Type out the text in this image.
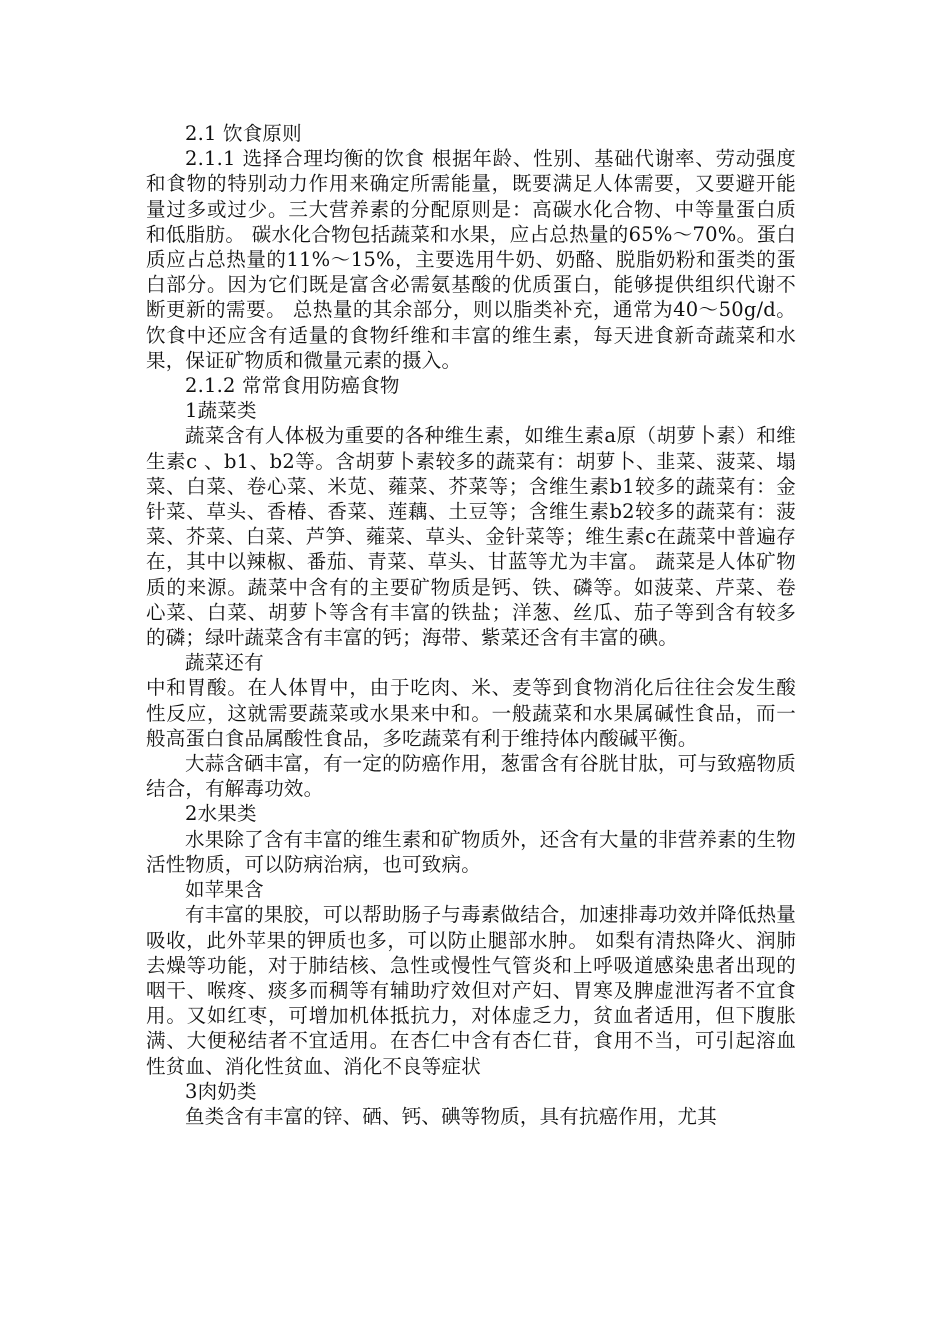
2.1 饮食原则

2.1.1 选择合理均衡的饮食 根据年龄、性别、基础代谢率、劳动强度和食物的特别动力作用来确定所需能量，既要满足人体需要，又要避开能量过多或过少。三大营养素的分配原则是：高碳水化合物、中等量蛋白质和低脂肪。 碳水化合物包括蔬菜和水果，应占总热量的65%～70%。蛋白质应占总热量的11%～15%，主要选用牛奶、奶酪、脱脂奶粉和蛋类的蛋白部分。因为它们既是富含必需氨基酸的优质蛋白，能够提供组织代谢不断更新的需要。 总热量的其余部分，则以脂类补充，通常为40～50g/d。饮食中还应含有适量的食物纤维和丰富的维生素，每天进食新奇蔬菜和水果，保证矿物质和微量元素的摄入。

2.1.2 常常食用防癌食物

1蔬菜类

蔬菜含有人体极为重要的各种维生素，如维生素a原（胡萝卜素）和维生素c 、b1、b2等。含胡萝卜素较多的蔬菜有：胡萝卜、韭菜、菠菜、塌菜、白菜、卷心菜、米苋、蕹菜、芥菜等；含维生素b1较多的蔬菜有：金针菜、草头、香椿、香菜、莲藕、土豆等；含维生素b2较多的蔬菜有：菠菜、芥菜、白菜、芦笋、蕹菜、草头、金针菜等；维生素c在蔬菜中普遍存在，其中以辣椒、番茄、青菜、草头、甘蓝等尤为丰富。 蔬菜是人体矿物质的来源。蔬菜中含有的主要矿物质是钙、铁、磷等。如菠菜、芹菜、卷心菜、白菜、胡萝卜等含有丰富的铁盐；洋葱、丝瓜、茄子等到含有较多的磷；绿叶蔬菜含有丰富的钙；海带、紫菜还含有丰富的碘。

蔬菜还有

中和胃酸。在人体胃中，由于吃肉、米、麦等到食物消化后往往会发生酸性反应，这就需要蔬菜或水果来中和。一般蔬菜和水果属碱性食品，而一般高蛋白食品属酸性食品，多吃蔬菜有利于维持体内酸碱平衡。

大蒜含硒丰富，有一定的防癌作用，葱雷含有谷胱甘肽，可与致癌物质结合，有解毒功效。

2水果类

水果除了含有丰富的维生素和矿物质外，还含有大量的非营养素的生物活性物质，可以防病治病，也可致病。

如苹果含

有丰富的果胶，可以帮助肠子与毒素做结合，加速排毒功效并降低热量吸收，此外苹果的钾质也多，可以防止腿部水肿。 如梨有清热降火、润肺去燥等功能，对于肺结核、急性或慢性气管炎和上呼吸道感染患者出现的咽干、喉疼、痰多而稠等有辅助疗效但对产妇、胃寒及脾虚泄泻者不宜食用。又如红枣，可增加机体抵抗力，对体虚乏力，贫血者适用，但下腹胀满、大便秘结者不宜适用。在杏仁中含有杏仁苷，食用不当，可引起溶血性贫血、消化性贫血、消化不良等症状

3肉奶类

鱼类含有丰富的锌、硒、钙、碘等物质，具有抗癌作用，尤其
